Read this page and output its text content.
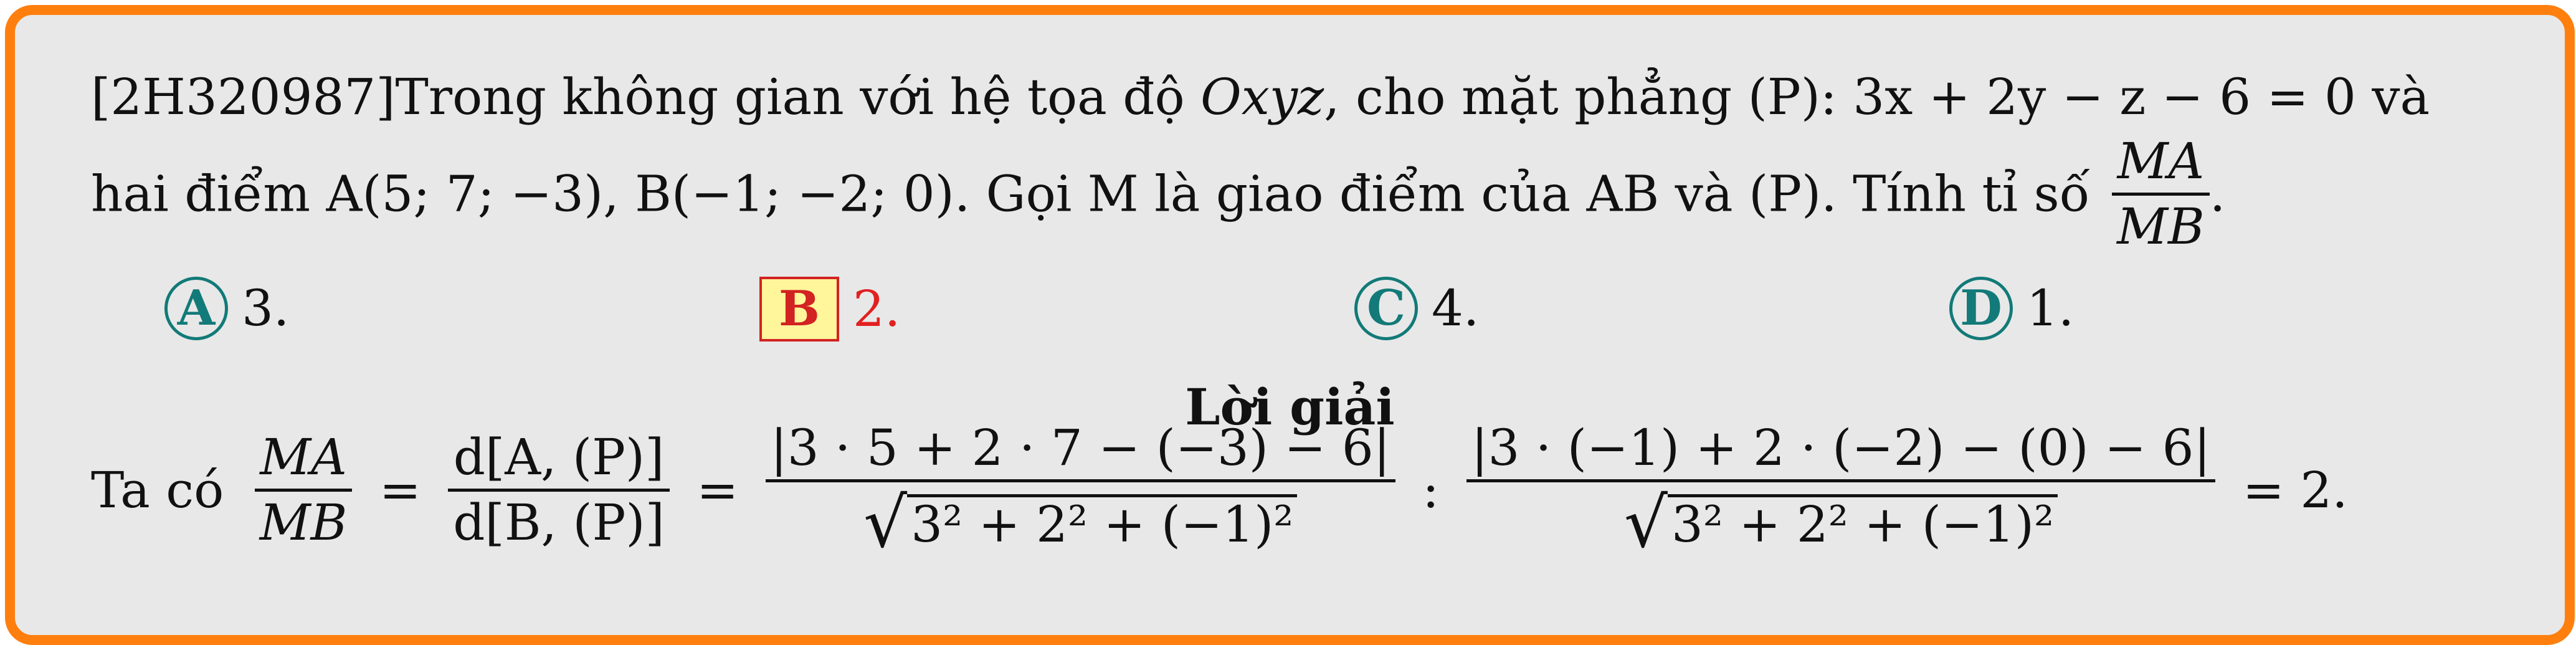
[2H320987]Trong không gian với hệ tọa độ Oxyz, cho mặt phẳng (P): 3x + 2y − z − 6 = 0 và
hai điểm A(5; 7; −3), B(−1; −2; 0). Gọi M là giao điểm của AB và (P). Tính tỉ số
MA
MB
.
A 3.	B 2.	C 4.	D 1.
Lời giải
Ta có
MA
MB
=
d[A, (P)]
d[B, (P)]
=
|3 · 5 + 2 · 7 − (−3) − 6|
√3² + 2² + (−1)²
:
|3 · (−1) + 2 · (−2) − (0) − 6|
√3² + 2² + (−1)²
= 2.
